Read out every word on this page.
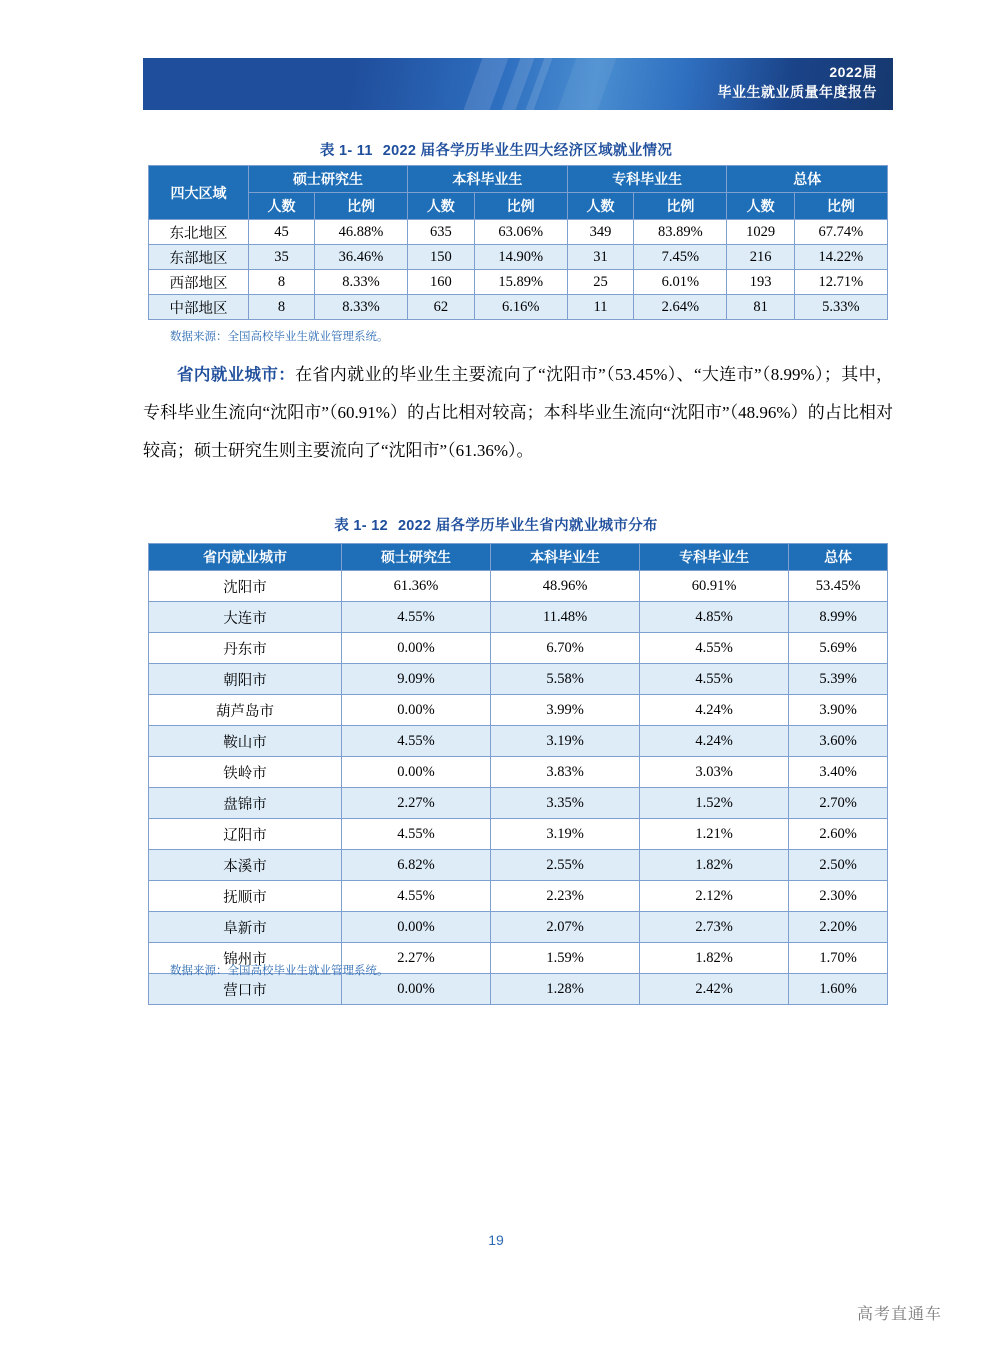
2022届
毕业生就业质量年度报告
表 1- 11 2022 届各学历毕业生四大经济区域就业情况
四大区域	硕士研究生		本科毕业生		专科毕业生		总体	
	人数	比例	人数	比例	人数	比例	人数	比例
东北地区	45	46.88%	635	63.06%	349	83.89%	1029	67.74%
东部地区	35	36.46%	150	14.90%	31	7.45%	216	14.22%
西部地区	8	8.33%	160	15.89%	25	6.01%	193	12.71%
中部地区	8	8.33%	62	6.16%	11	2.64%	81	5.33%
数据来源：全国高校毕业生就业管理系统。
省内就业城市：在省内就业的毕业生主要流向了“沈阳市”（53.45%）、“大连市”（8.99%）；其中，专科毕业生流向“沈阳市”（60.91%）的占比相对较高；本科毕业生流向“沈阳市”（48.96%）的占比相对较高；硕士研究生则主要流向了“沈阳市”（61.36%）。
表 1- 12 2022 届各学历毕业生省内就业城市分布
省内就业城市	硕士研究生	本科毕业生	专科毕业生	总体
沈阳市	61.36%	48.96%	60.91%	53.45%
大连市	4.55%	11.48%	4.85%	8.99%
丹东市	0.00%	6.70%	4.55%	5.69%
朝阳市	9.09%	5.58%	4.55%	5.39%
葫芦岛市	0.00%	3.99%	4.24%	3.90%
鞍山市	4.55%	3.19%	4.24%	3.60%
铁岭市	0.00%	3.83%	3.03%	3.40%
盘锦市	2.27%	3.35%	1.52%	2.70%
辽阳市	4.55%	3.19%	1.21%	2.60%
本溪市	6.82%	2.55%	1.82%	2.50%
抚顺市	4.55%	2.23%	2.12%	2.30%
阜新市	0.00%	2.07%	2.73%	2.20%
锦州市	2.27%	1.59%	1.82%	1.70%
营口市	0.00%	1.28%	2.42%	1.60%
数据来源：全国高校毕业生就业管理系统。
19
高考直通车
